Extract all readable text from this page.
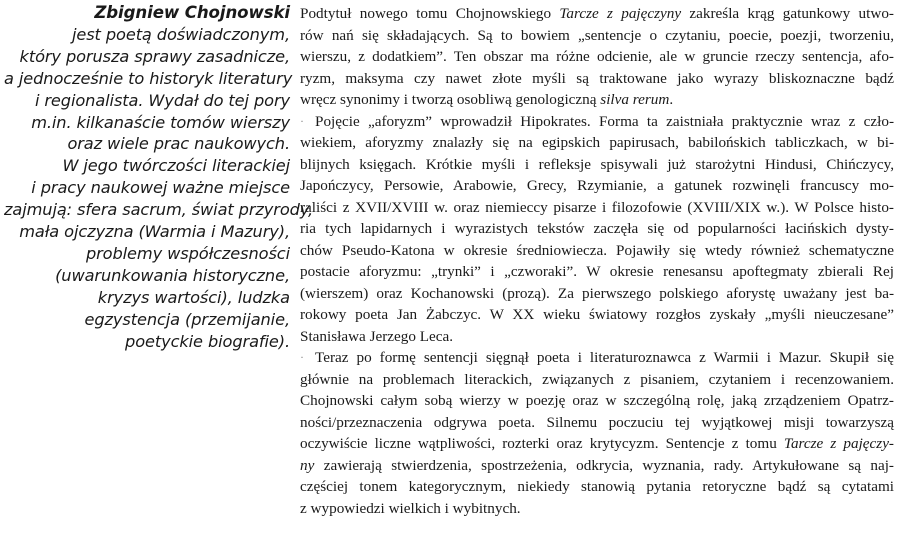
Zbigniew Chojnowski
jest poetą doświadczonym,
który porusza sprawy zasadnicze,
a jednocześnie to historyk literatury
i regionalista. Wydał do tej pory
m.in. kilkanaście tomów wierszy
oraz wiele prac naukowych.
W jego twórczości literackiej
i pracy naukowej ważne miejsce
zajmują: sfera sacrum, świat przyrody,
mała ojczyzna (Warmia i Mazury),
problemy współczesności
(uwarunkowania historyczne,
kryzys wartości), ludzka
egzystencja (przemijanie,
poetyckie biografie).
Podtytuł nowego tomu Chojnowskiego Tarcze z pajęczyny zakreśla krąg gatunkowy utwo-
rów nań się składających. Są to bowiem „sentencje o czytaniu, poecie, poezji, tworzeniu,
wierszu, z dodatkiem”. Ten obszar ma różne odcienie, ale w gruncie rzeczy sentencja, afo-
ryzm, maksyma czy nawet złote myśli są traktowane jako wyrazy bliskoznaczne bądź
wręcz synonimy i tworzą osobliwą genologiczną silva rerum.
· Pojęcie „aforyzm” wprowadził Hipokrates. Forma ta zaistniała praktycznie wraz z czło-
wiekiem, aforyzmy znalazły się na egipskich papirusach, babilońskich tabliczkach, w bi-
blijnych księgach. Krótkie myśli i refleksje spisywali już starożytni Hindusi, Chińczycy,
Japończycy, Persowie, Arabowie, Grecy, Rzymianie, a gatunek rozwinęli francuscy mo-
raliści z XVII/XVIII w. oraz niemieccy pisarze i filozofowie (XVIII/XIX w.). W Polsce histo-
ria tych lapidarnych i wyrazistych tekstów zaczęła się od popularności łacińskich dysty-
chów Pseudo-Katona w okresie średniowiecza. Pojawiły się wtedy również schematyczne
postacie aforyzmu: „trynki” i „czworaki”. W okresie renesansu apoftegmaty zbierali Rej
(wierszem) oraz Kochanowski (prozą). Za pierwszego polskiego aforystę uważany jest ba-
rokowy poeta Jan Żabczyc. W XX wieku światowy rozgłos zyskały „myśli nieuczesane”
Stanisława Jerzego Leca.
· Teraz po formę sentencji sięgnął poeta i literaturoznawca z Warmii i Mazur. Skupił się
głównie na problemach literackich, związanych z pisaniem, czytaniem i recenzowaniem.
Chojnowski całym sobą wierzy w poezję oraz w szczególną rolę, jaką zrządzeniem Opatrz-
ności/przeznaczenia odgrywa poeta. Silnemu poczuciu tej wyjątkowej misji towarzyszą
oczywiście liczne wątpliwości, rozterki oraz krytycyzm. Sentencje z tomu Tarcze z pajęczy-
ny zawierają stwierdzenia, spostrzeżenia, odkrycia, wyznania, rady. Artykułowane są naj-
częściej tonem kategorycznym, niekiedy stanowią pytania retoryczne bądź są cytatami
z wypowiedzi wielkich i wybitnych.
